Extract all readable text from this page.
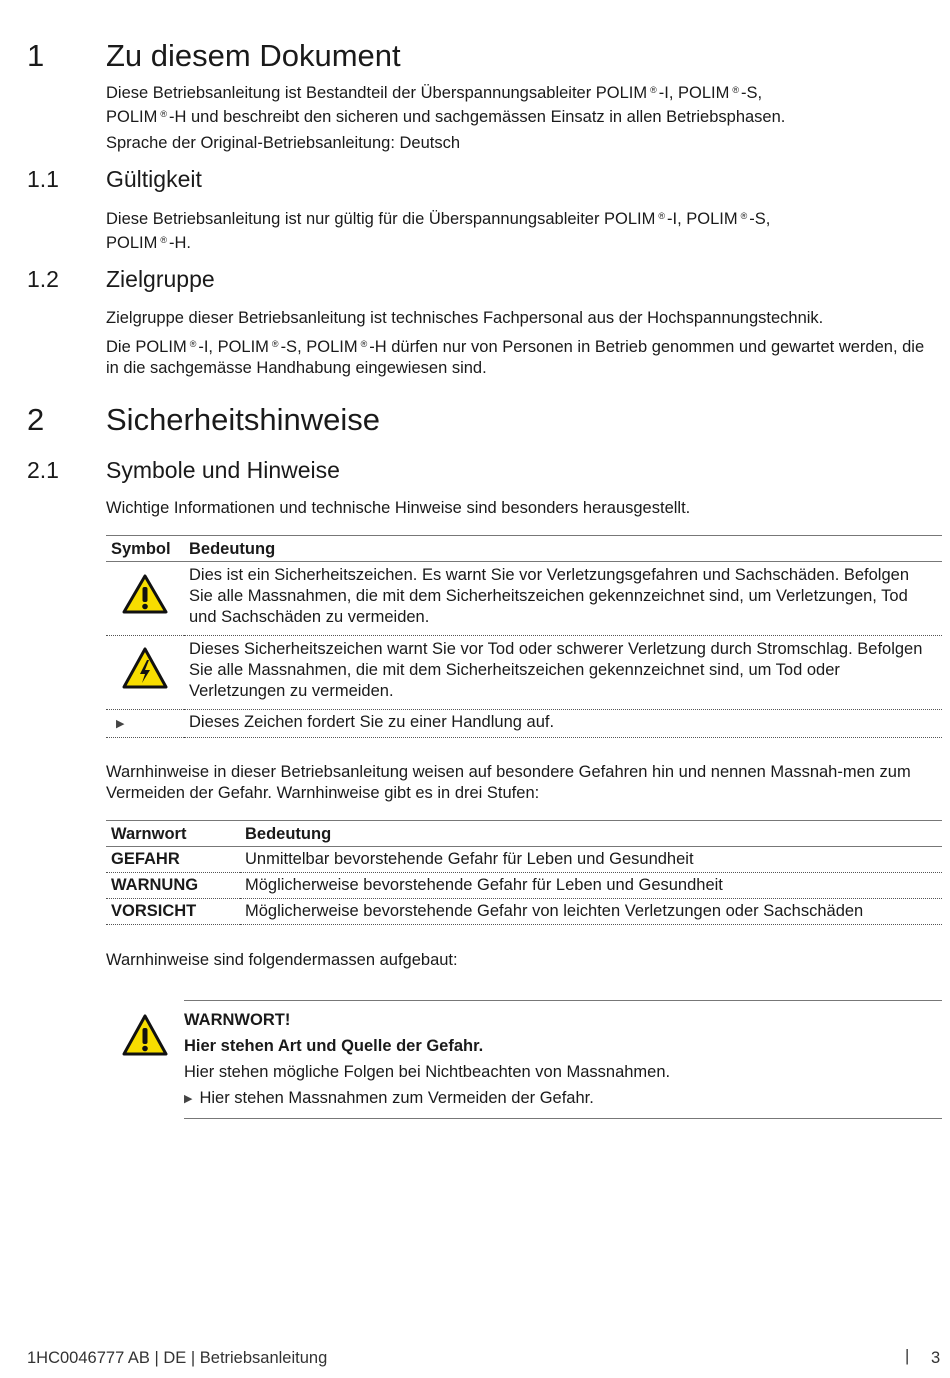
1 Zu diesem Dokument

Diese Betriebsanleitung ist Bestandteil der Überspannungsableiter POLIM ® -I, POLIM ® -S,
POLIM ® -H und beschreibt den sicheren und sachgemässen Einsatz in allen Betriebsphasen.

Sprache der Original-Betriebsanleitung: Deutsch

1.1 Gültigkeit

Diese Betriebsanleitung ist nur gültig für die Überspannungsableiter POLIM ® -I, POLIM ® -S,
POLIM ® -H.

1.2 Zielgruppe

Zielgruppe dieser Betriebsanleitung ist technisches Fachpersonal aus der Hochspannungstechnik.

Die POLIM ® -I, POLIM ® -S, POLIM ® -H dürfen nur von Personen in Betrieb genommen und gewartet werden, die in die sachgemässe Handhabung eingewiesen sind.

2 Sicherheitshinweise
2.1 Symbole und Hinweise
Wichtige Informationen und technische Hinweise sind besonders herausgestellt.
Symbol	Bedeutung
	Dies ist ein Sicherheitszeichen. Es warnt Sie vor Verletzungsgefahren und Sachschäden. Befolgen Sie alle Massnahmen, die mit dem Sicherheitszeichen gekennzeichnet sind, um Verletzungen, Tod und Sachschäden zu vermeiden.
	Dieses Sicherheitszeichen warnt Sie vor Tod oder schwerer Verletzung durch Stromschlag. Befolgen Sie alle Massnahmen, die mit dem Sicherheitszeichen gekennzeichnet sind, um Tod oder Verletzungen zu vermeiden.
▶	Dieses Zeichen fordert Sie zu einer Handlung auf.
Warnhinweise in dieser Betriebsanleitung weisen auf besondere Gefahren hin und nennen Massnah-men zum Vermeiden der Gefahr. Warnhinweise gibt es in drei Stufen:
Warnwort	Bedeutung
GEFAHR	Unmittelbar bevorstehende Gefahr für Leben und Gesundheit
WARNUNG	Möglicherweise bevorstehende Gefahr für Leben und Gesundheit
VORSICHT	Möglicherweise bevorstehende Gefahr von leichten Verletzungen oder Sachschäden
Warnhinweise sind folgendermassen aufgebaut:
WARNWORT!
Hier stehen Art und Quelle der Gefahr.
Hier stehen mögliche Folgen bei Nichtbeachten von Massnahmen.
▶ Hier stehen Massnahmen zum Vermeiden der Gefahr.
1HC0046777 AB | DE | Betriebsanleitung	| 3
